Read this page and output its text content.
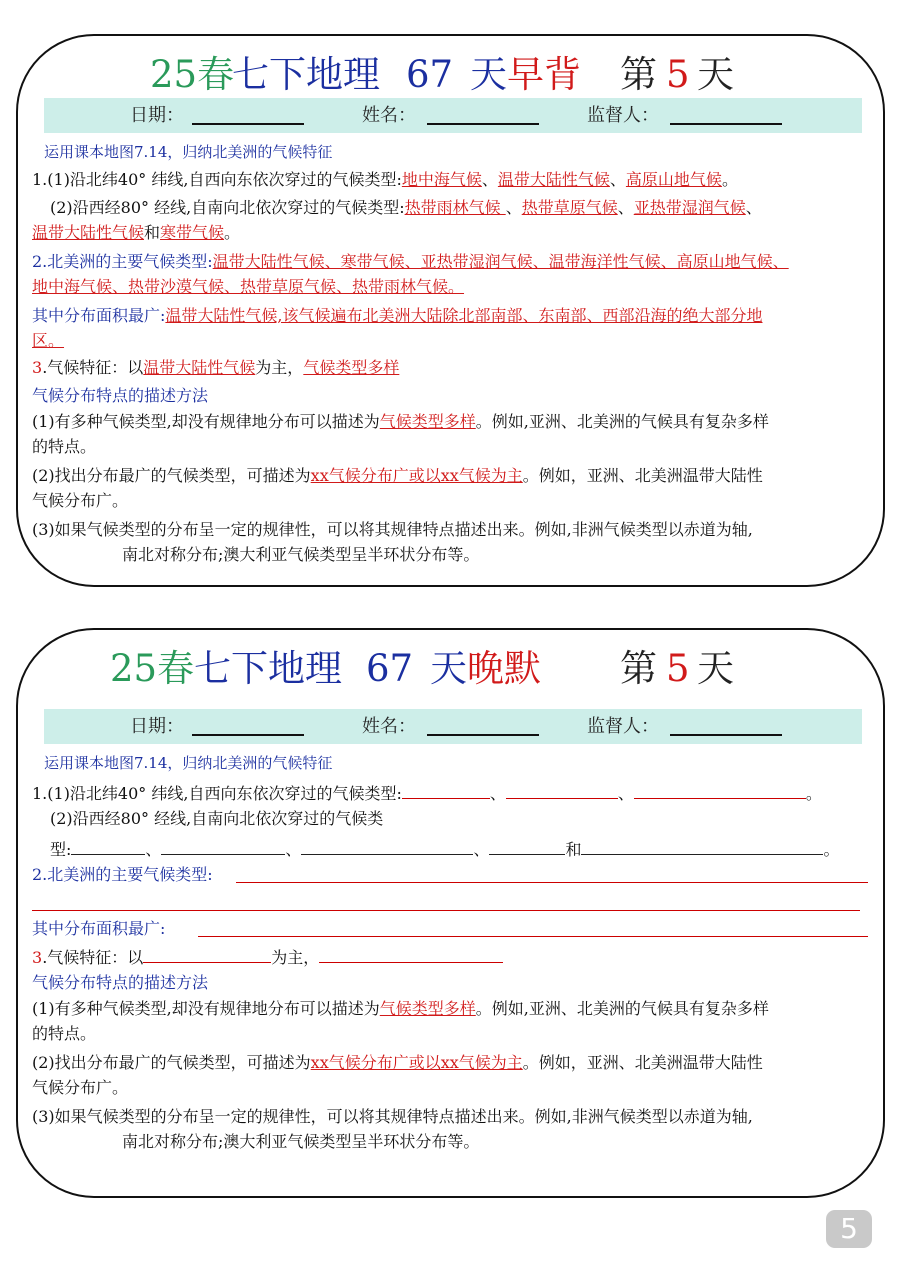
25春
七下地理 67 天 早背 第 5 天
日期：	姓名：	监督人：
运用课本地图7.14，归纳北美洲的气候特征
1.(1)沿北纬40° 纬线,自西向东依次穿过的气候类型:地中海气候、温带大陆性气候、高原山地气候。
(2)沿西经80° 经线,自南向北依次穿过的气候类型:热带雨林气候 、热带草原气候、亚热带湿润气候、
温带大陆性气候和寒带气候。
2.北美洲的主要气候类型:温带大陆性气候、寒带气候、亚热带湿润气候、温带海洋性气候、高原山地气候、
地中海气候、热带沙漠气候、热带草原气候、热带雨林气候。
其中分布面积最广:温带大陆性气候,该气候遍布北美洲大陆除北部南部、东南部、西部沿海的绝大部分地
区。
3.气候特征：以温带大陆性气候为主，气候类型多样
气候分布特点的描述方法
(1)有多种气候类型,却没有规律地分布可以描述为气候类型多样。例如,亚洲、北美洲的气候具有复杂多样
的特点。
(2)找出分布最广的气候类型，可描述为xx气候分布广或以xx气候为主。例如，亚洲、北美洲温带大陆性
气候分布广。
(3)如果气候类型的分布呈一定的规律性，可以将其规律特点描述出来。例如,非洲气候类型以赤道为轴,
南北对称分布;澳大利亚气候类型呈半环状分布等。
25春 七下地理 67 天 晚默 第 5 天
日期：	姓名：	监督人：
运用课本地图7.14，归纳北美洲的气候特征
1.(1)沿北纬40° 纬线,自西向东依次穿过的气候类型:	、	、	。
(2)沿西经80° 经线,自南向北依次穿过的气候类
型:	、	、	、	和	。
2.北美洲的主要气候类型:
其中分布面积最广:
3.气候特征：以	为主，
气候分布特点的描述方法
(1)有多种气候类型,却没有规律地分布可以描述为气候类型多样。例如,亚洲、北美洲的气候具有复杂多样
的特点。
(2)找出分布最广的气候类型，可描述为xx气候分布广或以xx气候为主。例如，亚洲、北美洲温带大陆性
气候分布广。
(3)如果气候类型的分布呈一定的规律性，可以将其规律特点描述出来。例如,非洲气候类型以赤道为轴,
南北对称分布;澳大利亚气候类型呈半环状分布等。
5
